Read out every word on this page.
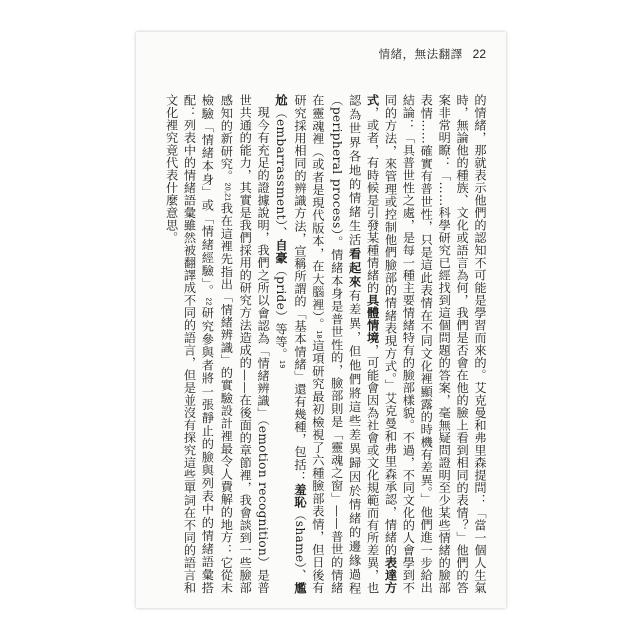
情緒，無法翻譯 22

的情緒，那就表示他們的認知不可能是學習而來的。艾克曼和弗里森提問：「當一個人生氣時，無論他的種族、文化或語言為何，我們是否會在他的臉上看到相同的表情？」他們的答案非常明瞭：「……科學研究已經找到這個問題的答案，毫無疑問證明至少某些情緒的臉部表情……確實有普世性，只是這此表情在不同文化裡顯露的時機有差異。」他們進一步給出結論：「具普世性之處，是每一種主要情緒特有的臉部樣貌。不過，不同文化的人會學到不同的方法，來管理或控制他們臉部的情緒表現方式。」艾克曼和弗里森承認，情緒的表達方式，或者，有時候是引發某種情緒的具體情境，可能會因為社會或文化規範而有所差異，也認為世界各地的情緒生活看起來有差異，但他們將這些差異歸因於情緒的邊緣過程（peripheral process）。情緒本身是普世性的，臉部則是「靈魂之窗」——普世的情緒在靈魂裡（或者是現代版本，在大腦裡）。18這項研究最初檢視了六種臉部表情，但日後有研究採用相同的辨識方法，宣稱所謂的「基本情緒」還有幾種，包括：羞恥（shame）、尷尬（embarrassment）、自豪（pride）等等。19

現今有充足的證據說明，我們之所以會認為「情緒辨識」（emotion recognition）是普世共通的能力，其實是我們採用的研究方法造成的——在後面的章節裡，我會談到一些臉部感知的新研究。20,21我在這裡先指出「情緒辨識」的實驗設計裡最令人費解的地方：它從未檢驗「情緒本身」或「情緒經驗」。22研究參與者將一張靜止的臉與列表中的情緒語彙搭配：列表中的情緒語彙雖然被翻譯成不同的語言，但是並沒有探究這些單詞在不同的語言和文化裡究竟代表什麼意思。
